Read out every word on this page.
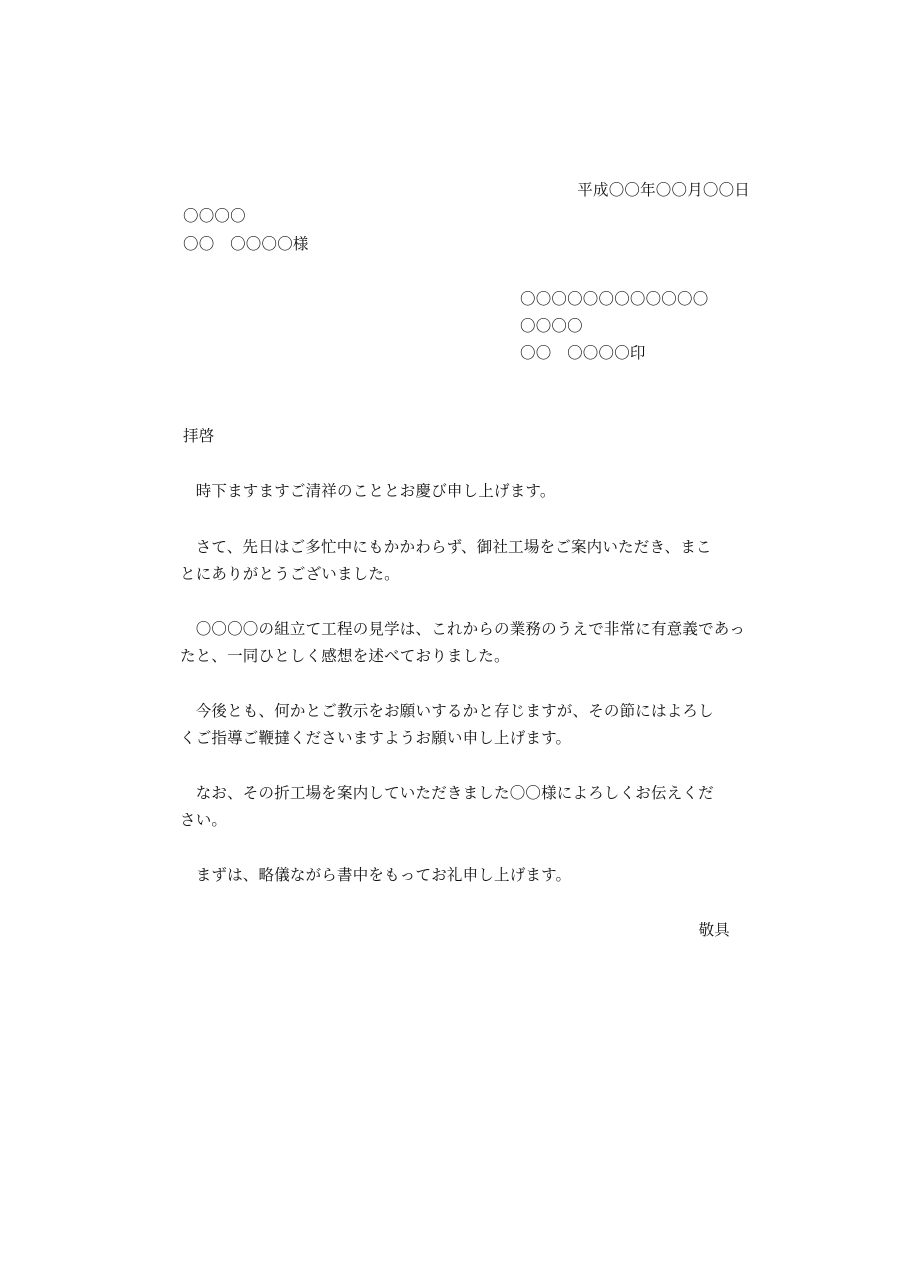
平成〇〇年〇〇月〇〇日
〇〇〇〇
〇〇　〇〇〇〇様
〇〇〇〇〇〇〇〇〇〇〇〇
〇〇〇〇
〇〇　〇〇〇〇印
拝啓
　時下ますますご清祥のこととお慶び申し上げます。
　さて、先日はご多忙中にもかかわらず、御社工場をご案内いただき、まこ
とにありがとうございました。
　〇〇〇〇の組立て工程の見学は、これからの業務のうえで非常に有意義であっ
たと、一同ひとしく感想を述べておりました。
　今後とも、何かとご教示をお願いするかと存じますが、その節にはよろし
くご指導ご鞭撻くださいますようお願い申し上げます。
　なお、その折工場を案内していただきました〇〇様によろしくお伝えくだ
さい。
　まずは、略儀ながら書中をもってお礼申し上げます。
敬具
